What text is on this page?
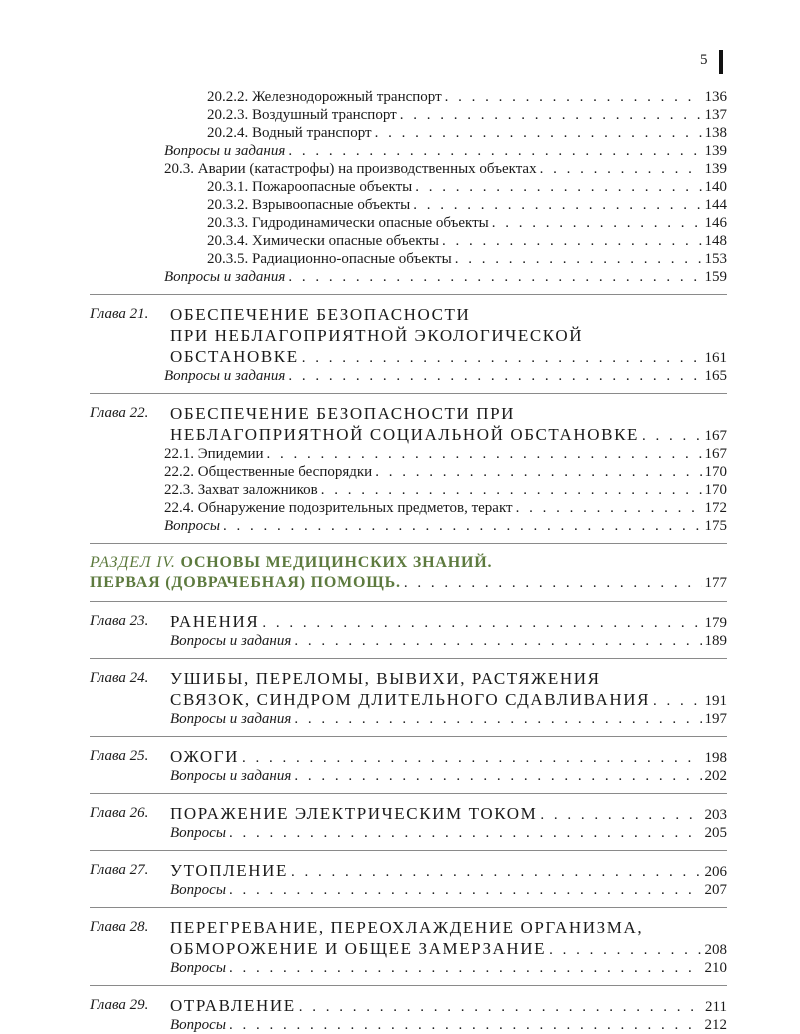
5
20.2.2. Железнодорожный транспорт . . .	136
20.2.3. Воздушный транспорт . . .	137
20.2.4. Водный транспорт . . .	138
Вопросы и задания . . .	139
20.3. Аварии (катастрофы) на производственных объектах . . .	139
20.3.1. Пожароопасные объекты . . .	140
20.3.2. Взрывоопасные объекты . . .	144
20.3.3. Гидродинамически опасные объекты . . .	146
20.3.4. Химически опасные объекты . . .	148
20.3.5. Радиационно-опасные объекты . . .	153
Вопросы и задания . . .	159
Глава 21. ОБЕСПЕЧЕНИЕ БЕЗОПАСНОСТИ
ПРИ НЕБЛАГОПРИЯТНОЙ ЭКОЛОГИЧЕСКОЙ
ОБСТАНОВКЕ . . .	161
Вопросы и задания . . .	165
Глава 22. ОБЕСПЕЧЕНИЕ БЕЗОПАСНОСТИ ПРИ
НЕБЛАГОПРИЯТНОЙ СОЦИАЛЬНОЙ ОБСТАНОВКЕ . . .	167
22.1. Эпидемии . . .	167
22.2. Общественные беспорядки . . .	170
22.3. Захват заложников . . .	170
22.4. Обнаружение подозрительных предметов, теракт . . .	172
Вопросы . . .	175
РАЗДЕЛ IV. ОСНОВЫ МЕДИЦИНСКИХ ЗНАНИЙ.
ПЕРВАЯ (ДОВРАЧЕБНАЯ) ПОМОЩЬ. . . .	177
Глава 23. РАНЕНИЯ . . .	179
Вопросы и задания . . .	189
Глава 24. УШИБЫ, ПЕРЕЛОМЫ, ВЫВИХИ, РАСТЯЖЕНИЯ
СВЯЗОК, СИНДРОМ ДЛИТЕЛЬНОГО СДАВЛИВАНИЯ . . .	191
Вопросы и задания . . .	197
Глава 25. ОЖОГИ . . .	198
Вопросы и задания . . .	202
Глава 26. ПОРАЖЕНИЕ ЭЛЕКТРИЧЕСКИМ ТОКОМ . . .	203
Вопросы . . .	205
Глава 27. УТОПЛЕНИЕ . . .	206
Вопросы . . .	207
Глава 28. ПЕРЕГРЕВАНИЕ, ПЕРЕОХЛАЖДЕНИЕ ОРГАНИЗМА,
ОБМОРОЖЕНИЕ И ОБЩЕЕ ЗАМЕРЗАНИЕ . . .	208
Вопросы . . .	210
Глава 29. ОТРАВЛЕНИЕ . . .	211
Вопросы . . .	212
